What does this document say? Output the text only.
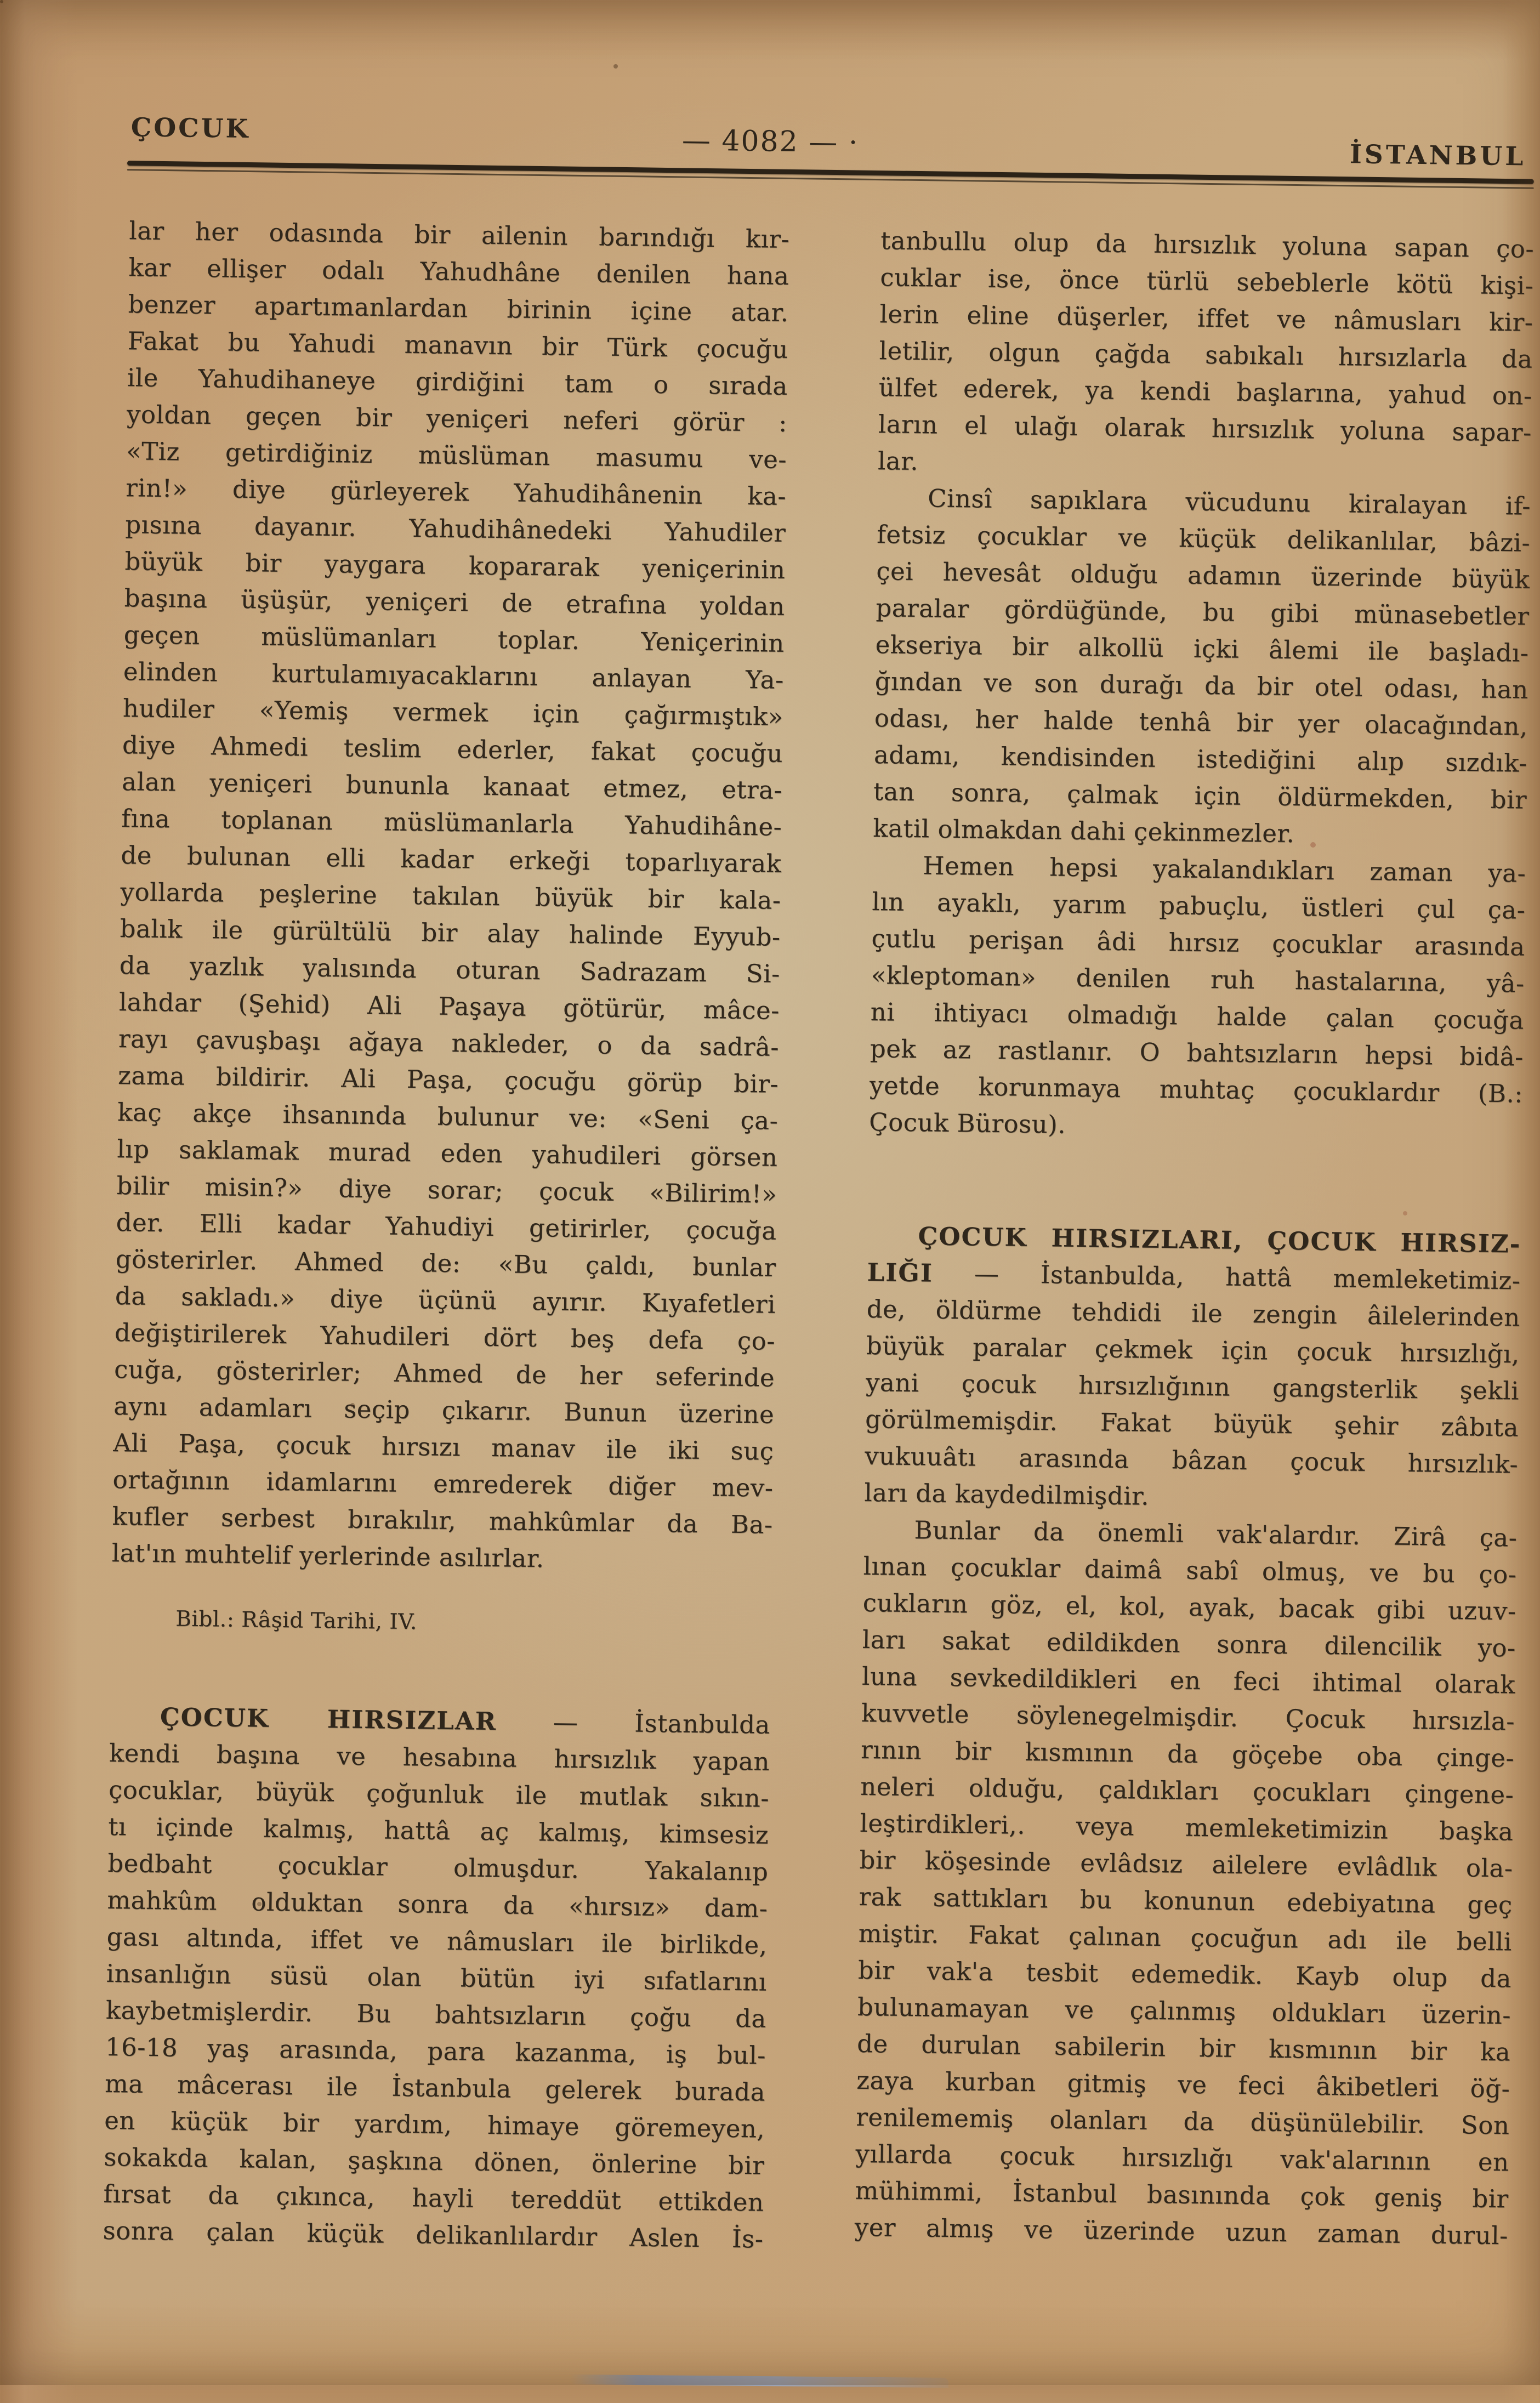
ÇOCUK	— 4082 — ·	İSTANBUL
lar her odasında bir ailenin barındığı kır-
kar ellişer odalı Yahudhâne denilen hana
benzer apartımanlardan birinin içine atar.
Fakat bu Yahudi manavın bir Türk çocuğu
ile Yahudihaneye girdiğini tam o sırada
yoldan geçen bir yeniçeri neferi görür :
«Tiz getirdiğiniz müslüman masumu ve-
rin!» diye gürleyerek Yahudihânenin ka-
pısına dayanır. Yahudihânedeki Yahudiler
büyük bir yaygara kopararak yeniçerinin
başına üşüşür, yeniçeri de etrafına yoldan
geçen müslümanları toplar. Yeniçerinin
elinden kurtulamıyacaklarını anlayan Ya-
hudiler «Yemiş vermek için çağırmıştık»
diye Ahmedi teslim ederler, fakat çocuğu
alan yeniçeri bununla kanaat etmez, etra-
fına toplanan müslümanlarla Yahudihâne-
de bulunan elli kadar erkeği toparlıyarak
yollarda peşlerine takılan büyük bir kala-
balık ile gürültülü bir alay halinde Eyyub-
da yazlık yalısında oturan Sadrazam Si-
lahdar (Şehid) Ali Paşaya götürür, mâce-
rayı çavuşbaşı ağaya nakleder, o da sadrâ-
zama bildirir. Ali Paşa, çocuğu görüp bir-
kaç akçe ihsanında bulunur ve: «Seni ça-
lıp saklamak murad eden yahudileri görsen
bilir misin?» diye sorar; çocuk «Bilirim!»
der. Elli kadar Yahudiyi getirirler, çocuğa
gösterirler. Ahmed de: «Bu çaldı, bunlar
da sakladı.» diye üçünü ayırır. Kıyafetleri
değiştirilerek Yahudileri dört beş defa ço-
cuğa, gösterirler; Ahmed de her seferinde
aynı adamları seçip çıkarır. Bunun üzerine
Ali Paşa, çocuk hırsızı manav ile iki suç
ortağının idamlarını emrederek diğer mev-
kufler serbest bırakılır, mahkûmlar da Ba-
lat'ın muhtelif yerlerinde asılırlar.
Bibl.: Râşid Tarihi, IV.
ÇOCUK HIRSIZLAR — İstanbulda
kendi başına ve hesabına hırsızlık yapan
çocuklar, büyük çoğunluk ile mutlak sıkın-
tı içinde kalmış, hattâ aç kalmış, kimsesiz
bedbaht çocuklar olmuşdur. Yakalanıp
mahkûm olduktan sonra da «hırsız» dam-
gası altında, iffet ve nâmusları ile birlikde,
insanlığın süsü olan bütün iyi sıfatlarını
kaybetmişlerdir. Bu bahtsızların çoğu da
16-18 yaş arasında, para kazanma, iş bul-
ma mâcerası ile İstanbula gelerek burada
en küçük bir yardım, himaye göremeyen,
sokakda kalan, şaşkına dönen, önlerine bir
fırsat da çıkınca, hayli tereddüt ettikden
sonra çalan küçük delikanlılardır Aslen İs-
tanbullu olup da hırsızlık yoluna sapan ço-
cuklar ise, önce türlü sebeblerle kötü kişi-
lerin eline düşerler, iffet ve nâmusları kir-
letilir, olgun çağda sabıkalı hırsızlarla da
ülfet ederek, ya kendi başlarına, yahud on-
ların el ulağı olarak hırsızlık yoluna sapar-
lar.
Cinsî sapıklara vücudunu kiralayan if-
fetsiz çocuklar ve küçük delikanlılar, bâzi-
çei hevesât olduğu adamın üzerinde büyük
paralar gördüğünde, bu gibi münasebetler
ekseriya bir alkollü içki âlemi ile başladı-
ğından ve son durağı da bir otel odası, han
odası, her halde tenhâ bir yer olacağından,
adamı, kendisinden istediğini alıp sızdık-
tan sonra, çalmak için öldürmekden, bir
katil olmakdan dahi çekinmezler.
Hemen hepsi yakalandıkları zaman ya-
lın ayaklı, yarım pabuçlu, üstleri çul ça-
çutlu perişan âdi hırsız çocuklar arasında
«kleptoman» denilen ruh hastalarına, yâ-
ni ihtiyacı olmadığı halde çalan çocuğa
pek az rastlanır. O bahtsızların hepsi bidâ-
yetde korunmaya muhtaç çocuklardır (B.:
Çocuk Bürosu).
ÇOCUK HIRSIZLARI, ÇOCUK HIRSIZ-
LIĞI — İstanbulda, hattâ memleketimiz-
de, öldürme tehdidi ile zengin âilelerinden
büyük paralar çekmek için çocuk hırsızlığı,
yani çocuk hırsızlığının gangsterlik şekli
görülmemişdir. Fakat büyük şehir zâbıta
vukuuâtı arasında bâzan çocuk hırsızlık-
ları da kaydedilmişdir.
Bunlar da önemli vak'alardır. Zirâ ça-
lınan çocuklar daimâ sabî olmuş, ve bu ço-
cukların göz, el, kol, ayak, bacak gibi uzuv-
ları sakat edildikden sonra dilencilik yo-
luna sevkedildikleri en feci ihtimal olarak
kuvvetle söylenegelmişdir. Çocuk hırsızla-
rının bir kısmının da göçebe oba çinge-
neleri olduğu, çaldıkları çocukları çingene-
leştirdikleri,. veya memleketimizin başka
bir köşesinde evlâdsız ailelere evlâdlık ola-
rak sattıkları bu konunun edebiyatına geç
miştir. Fakat çalınan çocuğun adı ile belli
bir vak'a tesbit edemedik. Kayb olup da
bulunamayan ve çalınmış oldukları üzerin-
de durulan sabilerin bir kısmının bir ka
zaya kurban gitmiş ve feci âkibetleri öğ-
renilememiş olanları da düşünülebilir. Son
yıllarda çocuk hırsızlığı vak'alarının en
mühimmi, İstanbul basınında çok geniş bir
yer almış ve üzerinde uzun zaman durul-
